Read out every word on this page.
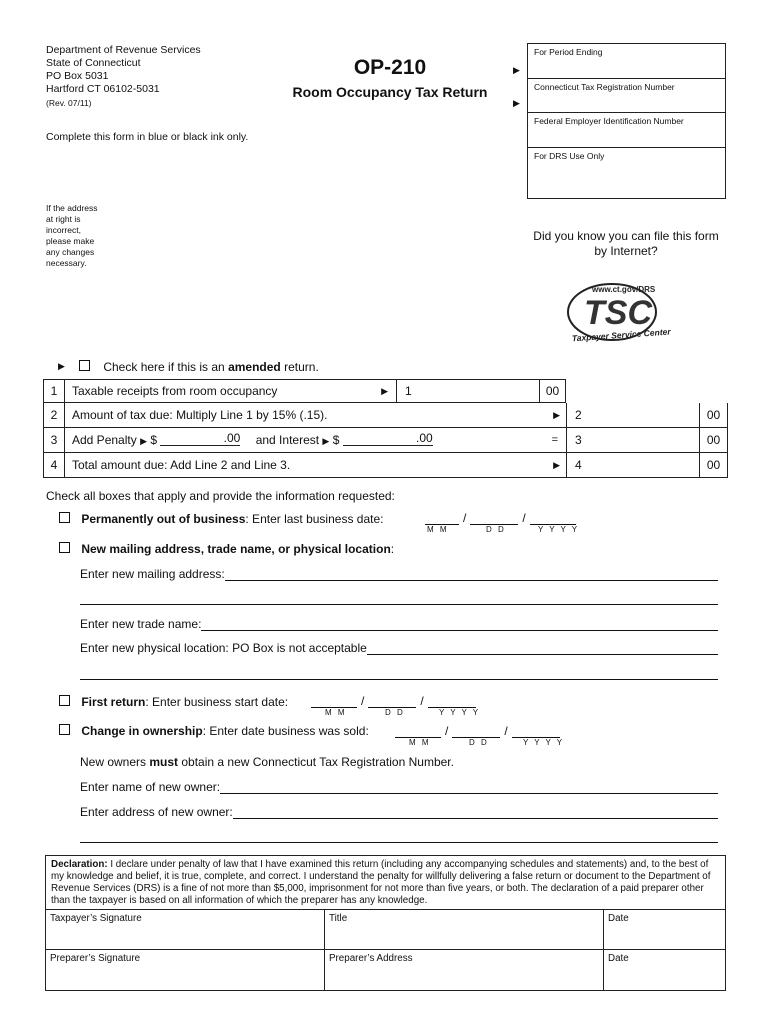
Department of Revenue Services
State of Connecticut
PO Box 5031
Hartford CT 06102-5031
(Rev. 07/11)
OP-210
Room Occupancy Tax Return
Complete this form in blue or black ink only.
▶
▶
For Period Ending
Connecticut Tax Registration Number
Federal Employer Identification Number
For DRS Use Only
If the address
at right is
incorrect,
please make
any changes
necessary.
Did you know you can file this form
by Internet?
www.ct.gov/DRS
TSC
Taxpayer Service Center
▶	Check here if this is an amended return.
1	Taxable receipts from room occupancy	▶	1	00
2	Amount of tax due: Multiply Line 1 by 15% (.15).	▶	2	00
3	Add Penalty ▶ $	.00 and Interest ▶ $	.00	=	3	00
4	Total amount due: Add Line 2 and Line 3.	▶	4	00
Check all boxes that apply and provide the information requested:
Permanently out of business: Enter last business date:	/	/
M M	D D	Y Y Y Y
New mailing address, trade name, or physical location:
Enter new mailing address:
Enter new trade name:
Enter new physical location: PO Box is not acceptable
First return: Enter business start date:	/	/
M M	D D	Y Y Y Y
Change in ownership: Enter date business was sold:	/	/
M M	D D	Y Y Y Y
New owners must obtain a new Connecticut Tax Registration Number.
Enter name of new owner:
Enter address of new owner:
Declaration: I declare under penalty of law that I have examined this return (including any accompanying schedules and statements) and, to the best of my knowledge and belief, it is true, complete, and correct. I understand the penalty for willfully delivering a false return or document to the Department of Revenue Services (DRS) is a fine of not more than $5,000, imprisonment for not more than five years, or both. The declaration of a paid preparer other than the taxpayer is based on all information of which the preparer has any knowledge.
Taxpayer’s Signature	Title	Date
Preparer’s Signature	Preparer’s Address	Date
